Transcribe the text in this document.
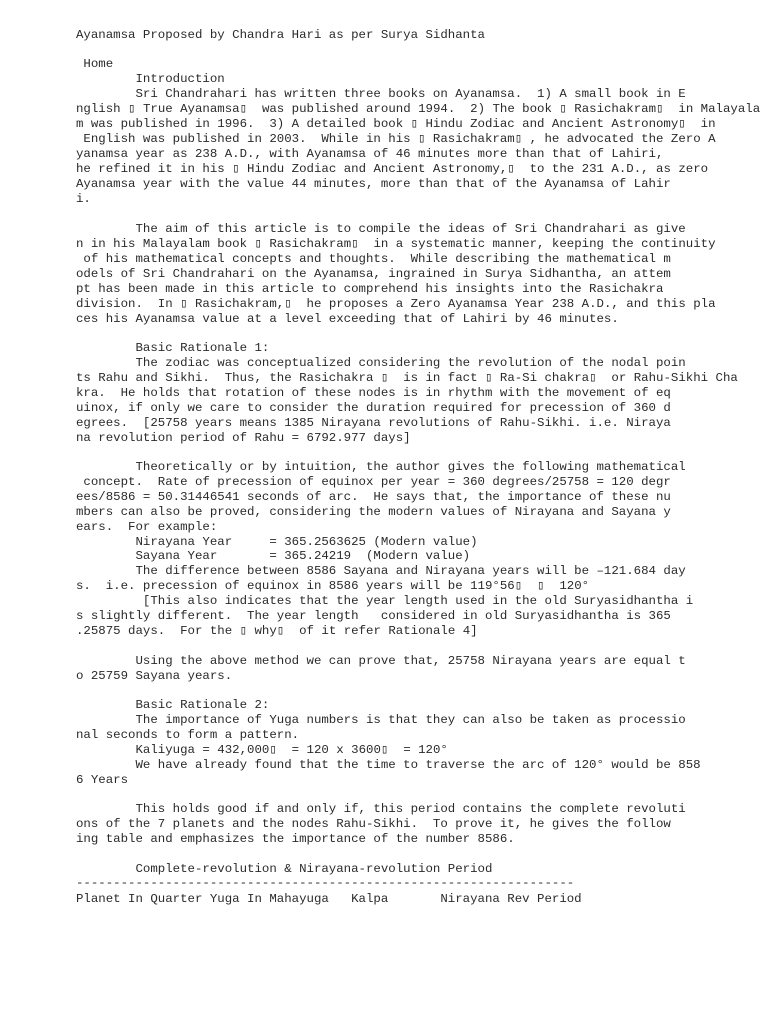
Ayanamsa Proposed by Chandra Hari as per Surya Sidhanta
Home
Introduction
Sri Chandrahari has written three books on Ayanamsa.  1) A small book in E
nglish ▯ True Ayanamsa▯  was published around 1994.  2) The book ▯ Rasichakram▯  in Malayala
m was published in 1996.  3) A detailed book ▯ Hindu Zodiac and Ancient Astronomy▯  in
English was published in 2003.  While in his ▯ Rasichakram▯ , he advocated the Zero A
yanamsa year as 238 A.D., with Ayanamsa of 46 minutes more than that of Lahiri,
he refined it in his ▯ Hindu Zodiac and Ancient Astronomy,▯  to the 231 A.D., as zero
Ayanamsa year with the value 44 minutes, more than that of the Ayanamsa of Lahir
i.
The aim of this article is to compile the ideas of Sri Chandrahari as give
n in his Malayalam book ▯ Rasichakram▯  in a systematic manner, keeping the continuity
of his mathematical concepts and thoughts.  While describing the mathematical m
odels of Sri Chandrahari on the Ayanamsa, ingrained in Surya Sidhantha, an attem
pt has been made in this article to comprehend his insights into the Rasichakra
division.  In ▯ Rasichakram,▯  he proposes a Zero Ayanamsa Year 238 A.D., and this pla
ces his Ayanamsa value at a level exceeding that of Lahiri by 46 minutes.
Basic Rationale 1:
The zodiac was conceptualized considering the revolution of the nodal poin
ts Rahu and Sikhi.  Thus, the Rasichakra ▯  is in fact ▯ Ra-Si chakra▯  or Rahu-Sikhi Cha
kra.  He holds that rotation of these nodes is in rhythm with the movement of eq
uinox, if only we care to consider the duration required for precession of 360 d
egrees.  [25758 years means 1385 Nirayana revolutions of Rahu-Sikhi. i.e. Niraya
na revolution period of Rahu = 6792.977 days]
Theoretically or by intuition, the author gives the following mathematical
concept.  Rate of precession of equinox per year = 360 degrees/25758 = 120 degr
ees/8586 = 50.31446541 seconds of arc.  He says that, the importance of these nu
mbers can also be proved, considering the modern values of Nirayana and Sayana y
ears.  For example:
Nirayana Year     = 365.2563625 (Modern value)
Sayana Year       = 365.24219  (Modern value)
The difference between 8586 Sayana and Nirayana years will be –121.684 day
s.  i.e. precession of equinox in 8586 years will be 119°56▯  ▯  120°
[This also indicates that the year length used in the old Suryasidhantha i
s slightly different.  The year length   considered in old Suryasidhantha is 365
.25875 days.  For the ▯ why▯  of it refer Rationale 4]
Using the above method we can prove that, 25758 Nirayana years are equal t
o 25759 Sayana years.
Basic Rationale 2:
The importance of Yuga numbers is that they can also be taken as processio
nal seconds to form a pattern.
Kaliyuga = 432,000▯  = 120 x 3600▯  = 120°
We have already found that the time to traverse the arc of 120° would be 858
6 Years
This holds good if and only if, this period contains the complete revoluti
ons of the 7 planets and the nodes Rahu-Sikhi.  To prove it, he gives the follow
ing table and emphasizes the importance of the number 8586.
Complete-revolution & Nirayana-revolution Period
-------------------------------------------------------------------
Planet In Quarter Yuga In Mahayuga   Kalpa       Nirayana Rev Period
